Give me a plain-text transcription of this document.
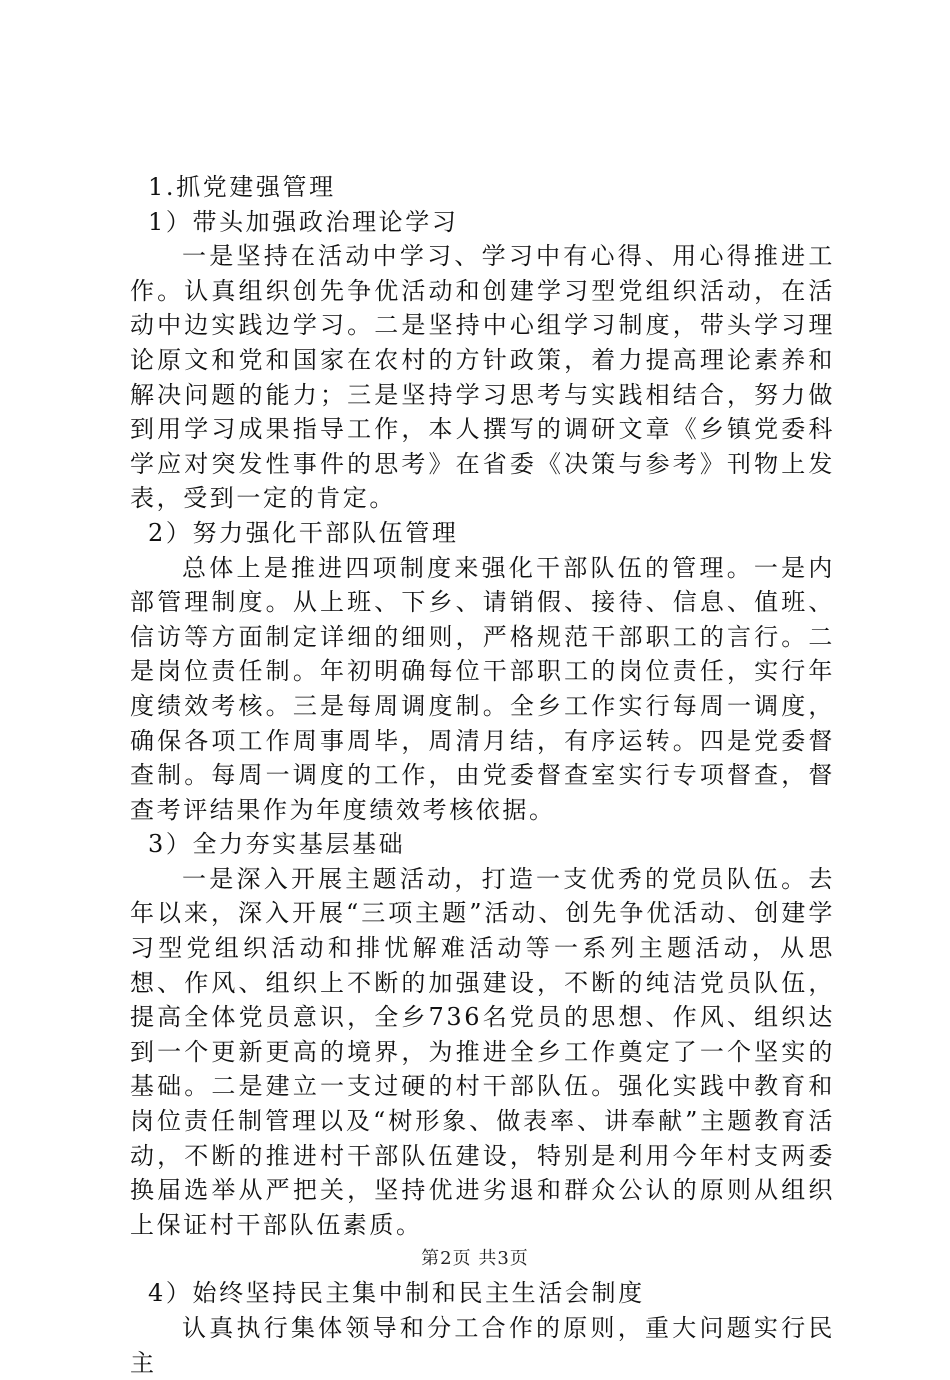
1.抓党建强管理

1）带头加强政治理论学习

一是坚持在活动中学习、学习中有心得、用心得推进工作。认真组织创先争优活动和创建学习型党组织活动，在活动中边实践边学习。二是坚持中心组学习制度，带头学习理论原文和党和国家在农村的方针政策，着力提高理论素养和解决问题的能力；三是坚持学习思考与实践相结合，努力做到用学习成果指导工作，本人撰写的调研文章《乡镇党委科学应对突发性事件的思考》在省委《决策与参考》刊物上发表，受到一定的肯定。

2）努力强化干部队伍管理

总体上是推进四项制度来强化干部队伍的管理。一是内部管理制度。从上班、下乡、请销假、接待、信息、值班、信访等方面制定详细的细则，严格规范干部职工的言行。二是岗位责任制。年初明确每位干部职工的岗位责任，实行年度绩效考核。三是每周调度制。全乡工作实行每周一调度，确保各项工作周事周毕，周清月结，有序运转。四是党委督查制。每周一调度的工作，由党委督查室实行专项督查，督查考评结果作为年度绩效考核依据。

3）全力夯实基层基础

一是深入开展主题活动，打造一支优秀的党员队伍。去年以来，深入开展“三项主题”活动、创先争优活动、创建学习型党组织活动和排忧解难活动等一系列主题活动，从思想、作风、组织上不断的加强建设，不断的纯洁党员队伍，提高全体党员意识，全乡736名党员的思想、作风、组织达到一个更新更高的境界，为推进全乡工作奠定了一个坚实的基础。二是建立一支过硬的村干部队伍。强化实践中教育和岗位责任制管理以及“树形象、做表率、讲奉献”主题教育活动，不断的推进村干部队伍建设，特别是利用今年村支两委换届选举从严把关，坚持优进劣退和群众公认的原则从组织上保证村干部队伍素质。

4）始终坚持民主集中制和民主生活会制度

认真执行集体领导和分工合作的原则，重大问题实行民主

第2页 共3页
